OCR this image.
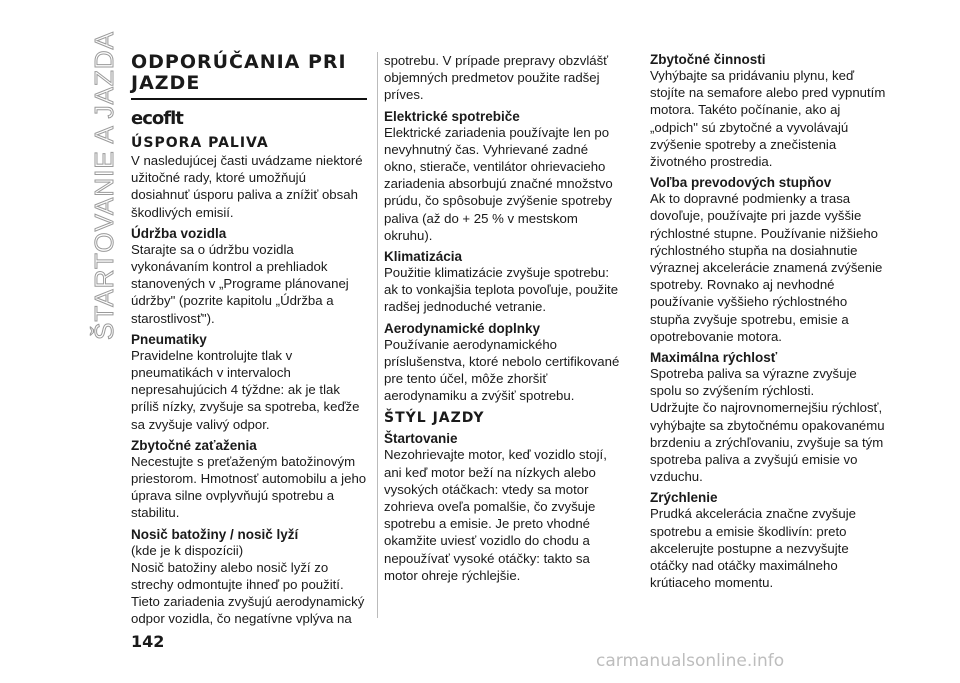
ŠTARTOVANIE A JAZDA ODPORÚČANIA PRI JAZDE
ecoflt
ÚSPORA PALIVA

V nasledujúcej časti uvádzame niektoré užitočné rady, ktoré umožňujú dosiahnuť úsporu paliva a znížiť obsah škodlivých emisií.

Údržba vozidla

Starajte sa o údržbu vozidla vykonávaním kontrol a prehliadok stanovených v „Programe plánovanej údržby" (pozrite kapitolu „Údržba a starostlivosť").

Pneumatiky

Pravidelne kontrolujte tlak v pneumatikách v intervaloch nepresahujúcich 4 týždne: ak je tlak príliš nízky, zvyšuje sa spotreba, keďže sa zvyšuje valivý odpor.

Zbytočné zaťaženia

Necestujte s preťaženým batožinovým priestorom. Hmotnosť automobilu a jeho úprava silne ovplyvňujú spotrebu a stabilitu.

Nosič batožiny / nosič lyží

(kde je k dispozícii)

Nosič batožiny alebo nosič lyží zo strechy odmontujte ihneď po použití. Tieto zariadenia zvyšujú aerodynamický odpor vozidla, čo negatívne vplýva na

spotrebu. V prípade prepravy obzvlášť objemných predmetov použite radšej príves.

Elektrické spotrebiče

Elektrické zariadenia používajte len po nevyhnutný čas. Vyhrievané zadné okno, stierače, ventilátor ohrievacieho zariadenia absorbujú značné množstvo prúdu, čo spôsobuje zvýšenie spotreby paliva (až do + 25 % v mestskom okruhu).

Klimatizácia

Použitie klimatizácie zvyšuje spotrebu: ak to vonkajšia teplota povoľuje, použite radšej jednoduché vetranie.

Aerodynamické doplnky

Používanie aerodynamického príslušenstva, ktoré nebolo certifikované pre tento účel, môže zhoršiť aerodynamiku a zvýšiť spotrebu.

ŠTÝL JAZDY
Štartovanie

Nezohrievajte motor, keď vozidlo stojí, ani keď motor beží na nízkych alebo vysokých otáčkach: vtedy sa motor zohrieva oveľa pomalšie, čo zvyšuje spotrebu a emisie. Je preto vhodné okamžite uviesť vozidlo do chodu a nepoužívať vysoké otáčky: takto sa motor ohreje rýchlejšie.

Zbytočné činnosti

Vyhýbajte sa pridávaniu plynu, keď stojíte na semafore alebo pred vypnutím motora. Takéto počínanie, ako aj „odpich" sú zbytočné a vyvolávajú zvýšenie spotreby a znečistenia životného prostredia.

Voľba prevodových stupňov

Ak to dopravné podmienky a trasa dovoľuje, používajte pri jazde vyššie rýchlostné stupne. Používanie nižšieho rýchlostného stupňa na dosiahnutie výraznej akcelerácie znamená zvýšenie spotreby. Rovnako aj nevhodné používanie vyššieho rýchlostného stupňa zvyšuje spotrebu, emisie a opotrebovanie motora.

Maximálna rýchlosť

Spotreba paliva sa výrazne zvyšuje spolu so zvýšením rýchlosti.

Udržujte čo najrovnomernejšiu rýchlosť, vyhýbajte sa zbytočnému opakovanému brzdeniu a zrýchľovaniu, zvyšuje sa tým spotreba paliva a zvyšujú emisie vo vzduchu.

Zrýchlenie

Prudká akcelerácia značne zvyšuje spotrebu a emisie škodlivín: preto akcelerujte postupne a nezvyšujte otáčky nad otáčky maximálneho krútiaceho momentu.

142
carmanualsonline.info
